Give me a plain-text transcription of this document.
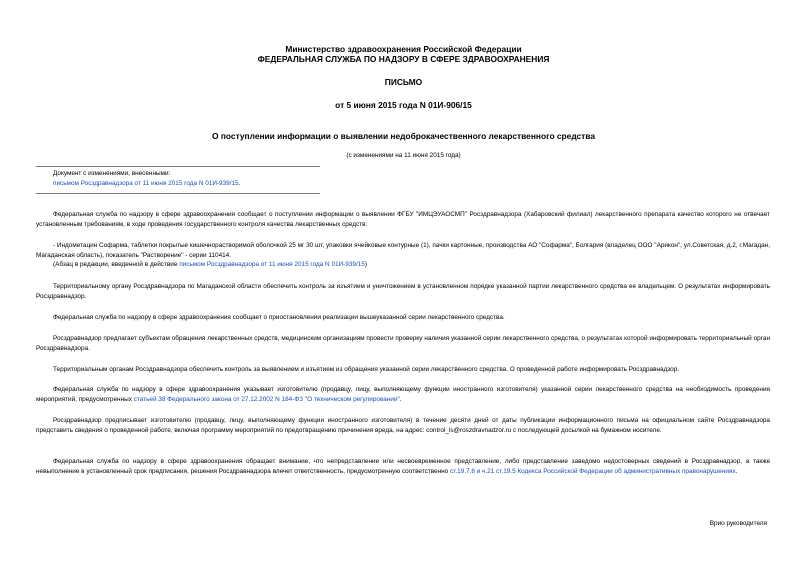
Министерство здравоохранения Российской Федерации
ФЕДЕРАЛЬНАЯ СЛУЖБА ПО НАДЗОРУ В СФЕРЕ ЗДРАВООХРАНЕНИЯ
ПИСЬМО
от 5 июня 2015 года N 01И-906/15
О поступлении информации о выявлении недоброкачественного лекарственного средства
(с изменениями на 11 июня 2015 года)
Документ с изменениями, внесенными:
письмом Росздравнадзора от 11 июня 2015 года N 01И-939/15.

Федеральная служба по надзору в сфере здравоохранения сообщает о поступлении информации о выявлении ФГБУ "ИМЦЭУАОСМП" Росздравнадзора (Хабаровский филиал) лекарственного препарата качество которого не отвечает установленным требованиям, в ходе проведения государственного контроля качества лекарственных средств:

- Индометацин Софарма, таблетки покрытые кишечнорастворимой оболочкой 25 мг 30 шт, упаковки ячейковые контурные (1), пачки картонные, производства АО "Софарма", Болгария (владелец ООО "Арикон", ул.Советская, д.2, г.Магадан, Магаданская область), показатель "Растворение" - серии 110414.

(Абзац в редакции, введенной в действие письмом Росздравнадзора от 11 июня 2015 года N 01И-939/15)

Территориальному органу Росздравнадзора по Магаданской области обеспечить контроль за изъятием и уничтожением в установленном порядке указанной партии лекарственного средства ее владельцем. О результатах информировать Росздравнадзор.

Федеральная служба по надзору в сфере здравоохранения сообщает о приостановлении реализации вышеуказанной серии лекарственного средства.

Росздравнадзор предлагает субъектам обращения лекарственных средств, медицинским организациям провести проверку наличия указанной серии лекарственного средства, о результатах которой информировать территориальный орган Росздравнадзора.

Территориальным органам Росздравнадзора обеспечить контроль за выявлением и изъятием из обращения указанной серии лекарственного средства. О проведенной работе информировать Росздравнадзор.

Федеральная служба по надзору в сфере здравоохранения указывает изготовителю (продавцу, лицу, выполняющему функции иностранного изготовителя) указанной серии лекарственного средства на необходимость проведения мероприятий, предусмотренных статьей 38 Федерального закона от 27.12.2002 N 184-ФЗ "О техническом регулировании".

Росздравнадзор предписывает изготовителю (продавцу, лицу, выполняющему функции иностранного изготовителя) в течение десяти дней от даты публикации информационного письма на официальном сайте Росздравнадзора представить сведения о проведенной работе, включая программу мероприятий по предотвращению причинения вреда, на адрес: control_ls@roszdravnadzor.ru с последующей досылкой на бумажном носителе.

Федеральная служба по надзору в сфере здравоохранения обращает внимание, что непредставление или несвоевременное представление, либо представление заведомо недостоверных сведений в Росздравнадзор, а также невыполнение в установленный срок предписания, решения Росздравнадзора влечет ответственность, предусмотренную соответственно ст.19.7.8 и ч.21 ст.19.5 Кодекса Российской Федерации об административных правонарушениях.

Врио руководителя
